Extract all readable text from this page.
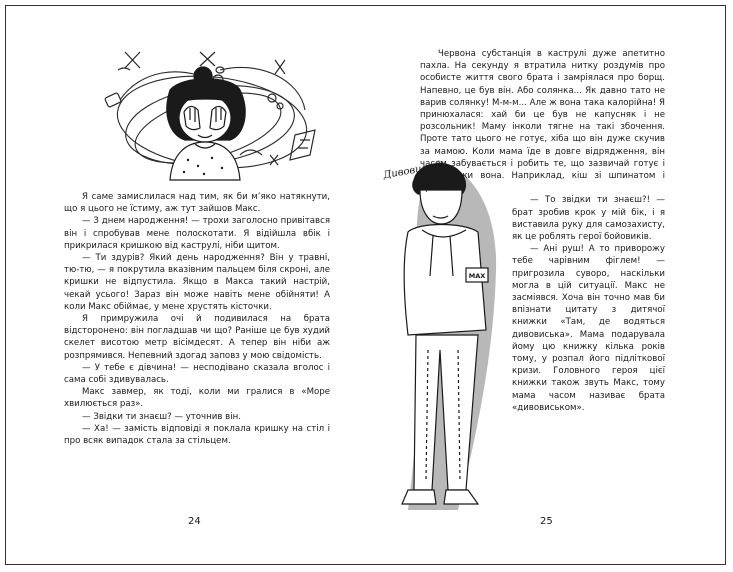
Я саме замислилася над тим, як би м’яко натякнути, що я цього не їстиму, аж тут зайшов Макс.

— З днем народження! — трохи заголосно привітався він і спробував мене полоскотати. Я відійшла вбік і прикрилася кришкою від каструлі, ніби щитом.

— Ти здурів? Який день народження? Він у травні, тю-тю, — я покрутила вказівним пальцем біля скроні, але кришки не відпустила. Якщо в Макса такий настрій, чекай усього! Зараз він може навіть мене обійняти! А коли Макс обіймає, у мене хрустять кісточки.

Я примружила очі й подивилася на брата відсторонено: він погладшав чи що? Раніше це був худий скелет висотою метр вісімдесят. А тепер він ніби аж розпрямився. Непевний здогад заповз у мою свідомість.

— У тебе є дівчина! — несподівано сказала вголос і сама собі здивувалась.

Макс завмер, як тоді, коли ми гралися в «Море хвилюється раз».

— Звідки ти знаєш? — уточнив він.

— Ха! — замість відповіді я поклала кришку на стіл і про всяк випадок стала за стільцем.

24
MAX
Дивовисько

Червона субстанція в каструлі дуже апетитно пахла. На секунду я втратила нитку роздумів про особисте життя свого брата і замріялася про борщ. Напевно, це був він. Або солянка... Як давно тато не варив солянку! М-м-м... Але ж вона така калорійна! Я принюхалася: хай би це був не капусняк і не розсольник! Маму інколи тягне на такі збочення. Проте тато цього не готує, хіба що він дуже скучив за мамою. Коли мама їде в довге відрядження, він часом забувається і робить те, що зазвичай готує і їсть тільки вона. Наприклад, кіш зі шпинатом і бринзою.

— То звідки ти знаєш?! — брат зробив крок у мій бік, і я виставила руку для самозахисту, як це роблять герої бойовиків.

— Ані руш! А то приворожу тебе чарівним фіглем! — пригрозила суворо, наскільки могла в цій ситуації. Макс не засміявся. Хоча він точно мав би впізнати цитату з дитячої книжки «Там, де водяться дивовиська». Мама подарувала йому цю книжку кілька років тому, у розпал його підліткової кризи. Головного героя цієї книжки також звуть Макс, тому мама часом називає брата «дивовиськом».

25
